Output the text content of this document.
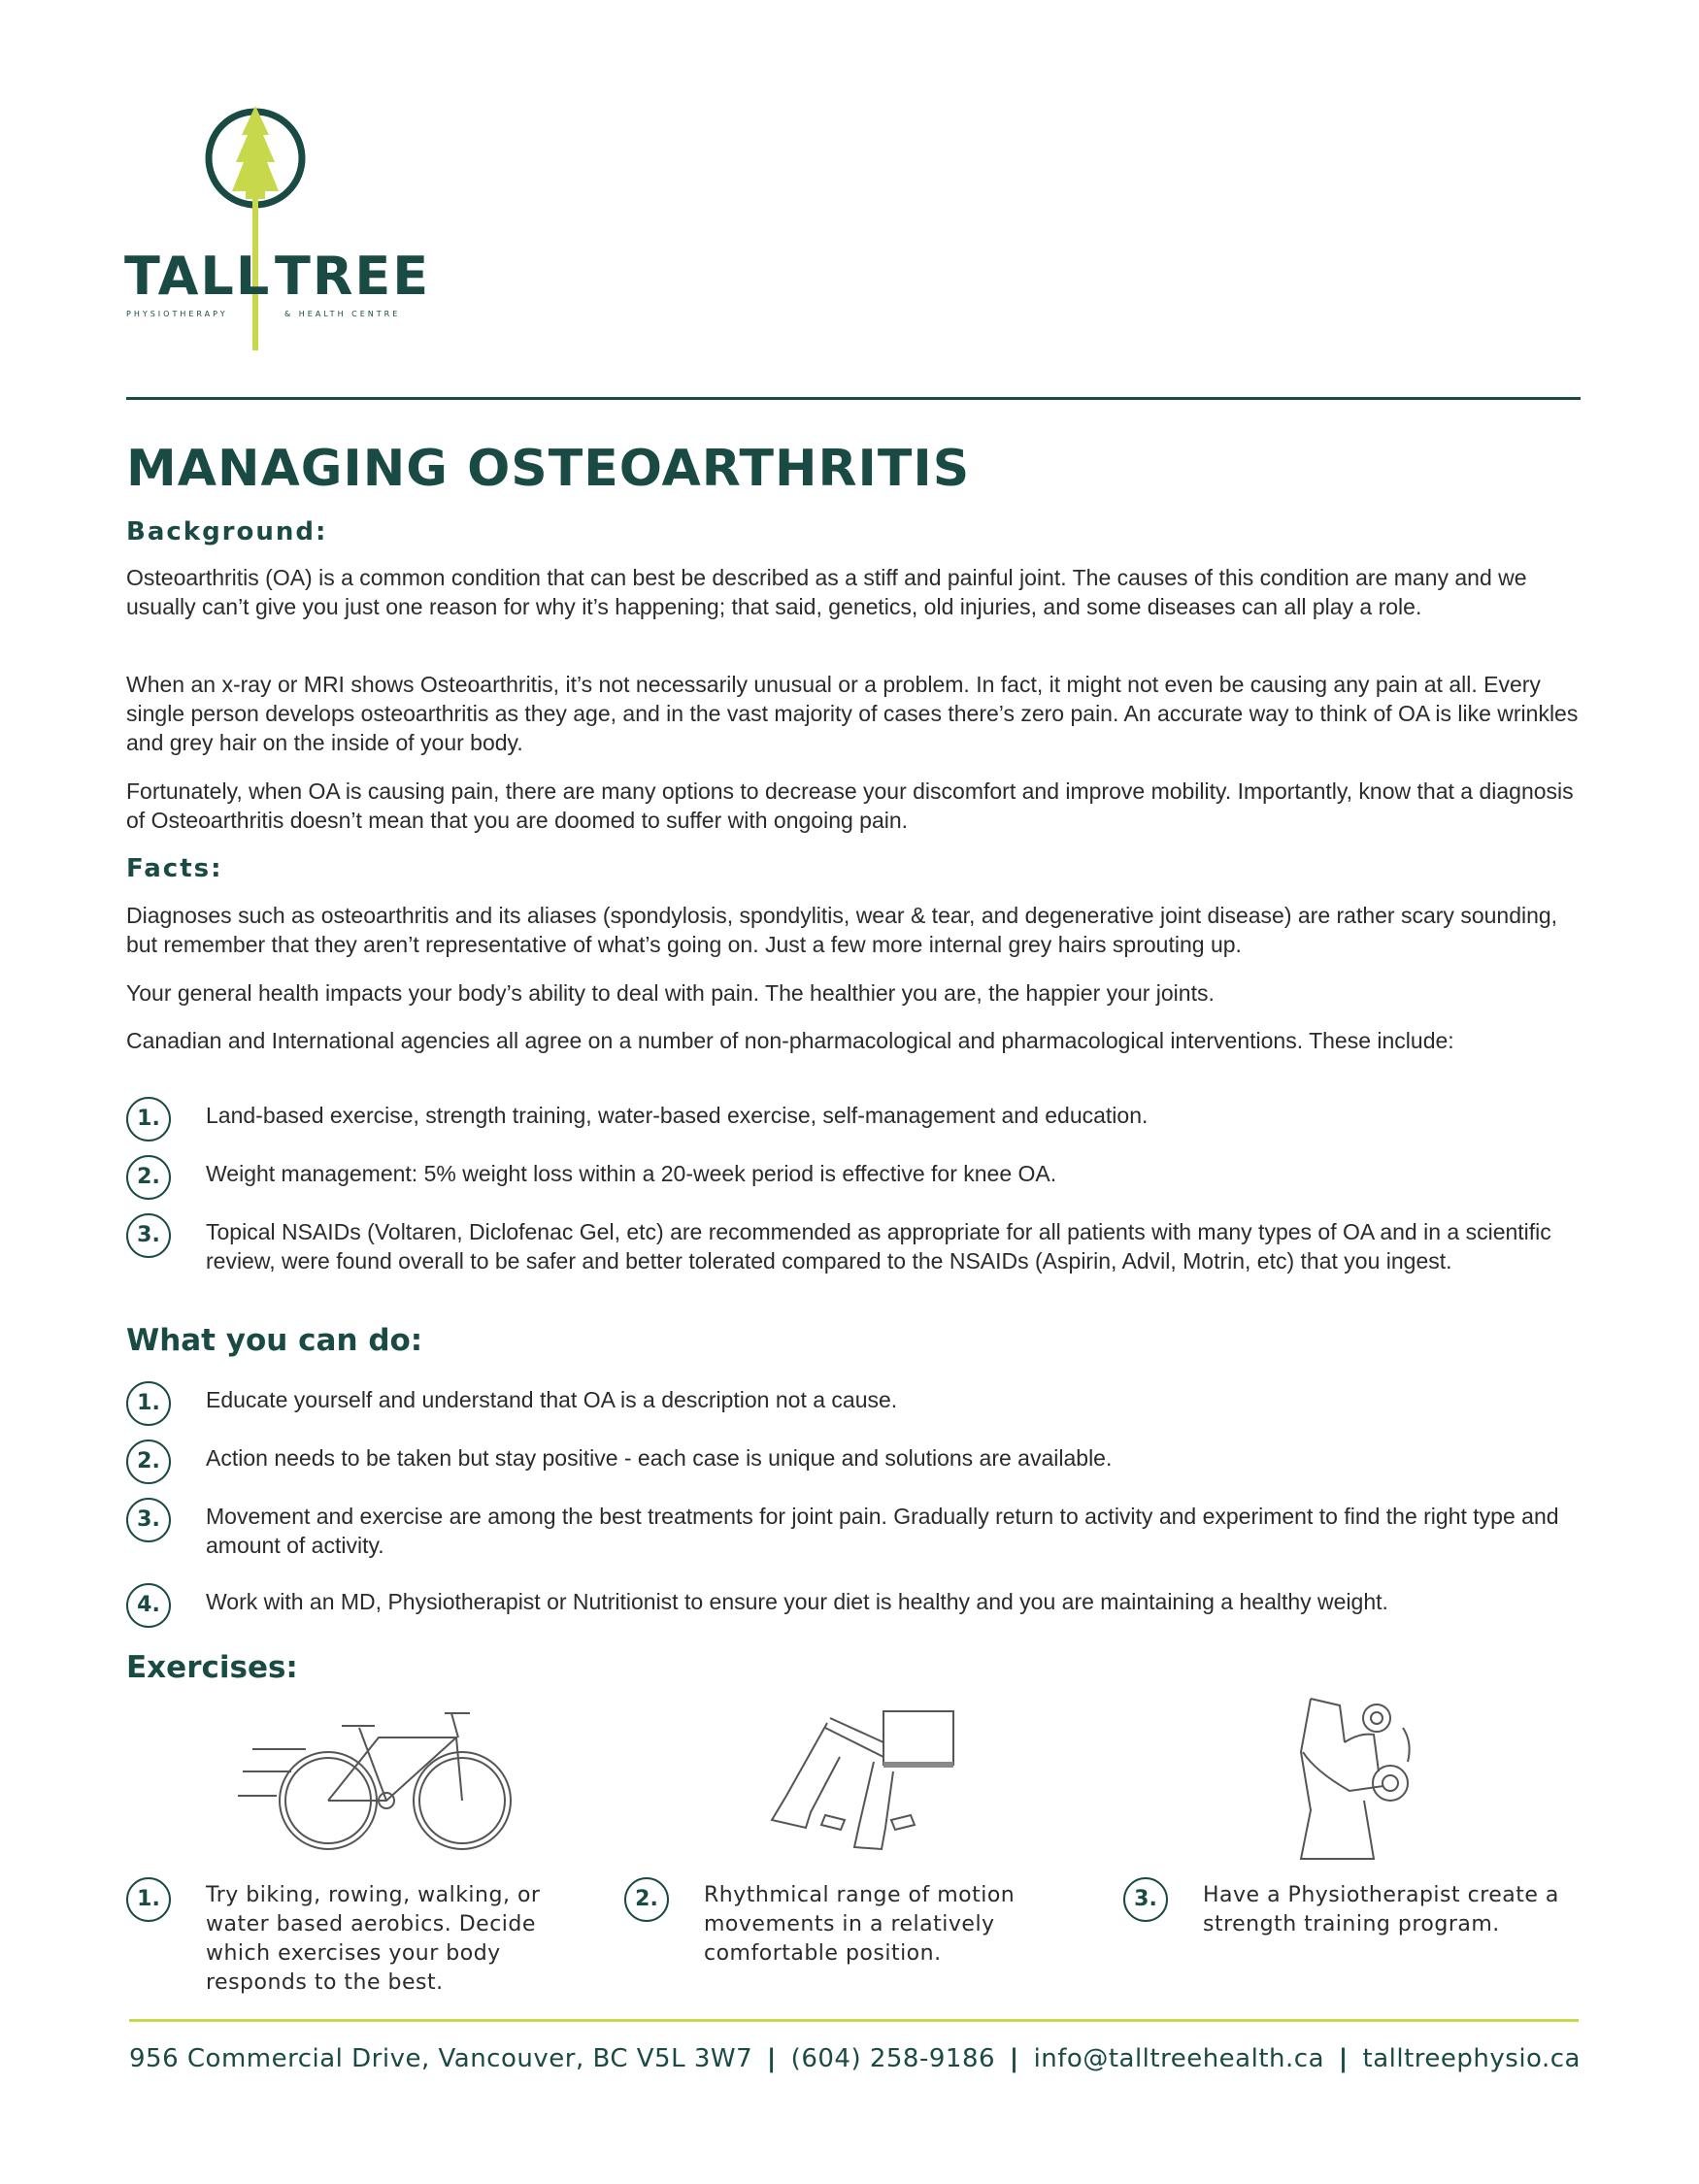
TALL TREE
PHYSIOTHERAPY	& HEALTH CENTRE
MANAGING OSTEOARTHRITIS
Background:

Osteoarthritis (OA) is a common condition that can best be described as a stiff and painful joint. The causes of this condition are many and we usually can’t give you just one reason for why it’s happening; that said, genetics, old injuries, and some diseases can all play a role.

When an x-ray or MRI shows Osteoarthritis, it’s not necessarily unusual or a problem. In fact, it might not even be causing any pain at all. Every single person develops osteoarthritis as they age, and in the vast majority of cases there’s zero pain. An accurate way to think of OA is like wrinkles and grey hair on the inside of your body.

Fortunately, when OA is causing pain, there are many options to decrease your discomfort and improve mobility. Importantly, know that a diagnosis of Osteoarthritis doesn’t mean that you are doomed to suffer with ongoing pain.

Facts:

Diagnoses such as osteoarthritis and its aliases (spondylosis, spondylitis, wear & tear, and degenerative joint disease) are rather scary sounding, but remember that they aren’t representative of what’s going on. Just a few more internal grey hairs sprouting up.

Your general health impacts your body’s ability to deal with pain. The healthier you are, the happier your joints.

Canadian and International agencies all agree on a number of non-pharmacological and pharmacological interventions. These include:

1.	Land-based exercise, strength training, water-based exercise, self-management and education.
2.	Weight management: 5% weight loss within a 20-week period is effective for knee OA.
3.	Topical NSAIDs (Voltaren, Diclofenac Gel, etc) are recommended as appropriate for all patients with many types of OA and in a scientific review, were found overall to be safer and better tolerated compared to the NSAIDs (Aspirin, Advil, Motrin, etc) that you ingest.
What you can do:
1.	Educate yourself and understand that OA is a description not a cause.
2.	Action needs to be taken but stay positive - each case is unique and solutions are available.
3.	Movement and exercise are among the best treatments for joint pain. Gradually return to activity and experiment to find the right type and amount of activity.
4.	Work with an MD, Physiotherapist or Nutritionist to ensure your diet is healthy and you are maintaining a healthy weight.
Exercises:
1.	Try biking, rowing, walking, or water based aerobics. Decide which exercises your body responds to the best.
2.	Rhythmical range of motion movements in a relatively comfortable position.
3.	Have a Physiotherapist create a strength training program.
956 Commercial Drive, Vancouver, BC V5L 3W7 | (604) 258-9186 | info@talltreehealth.ca | talltreephysio.ca
